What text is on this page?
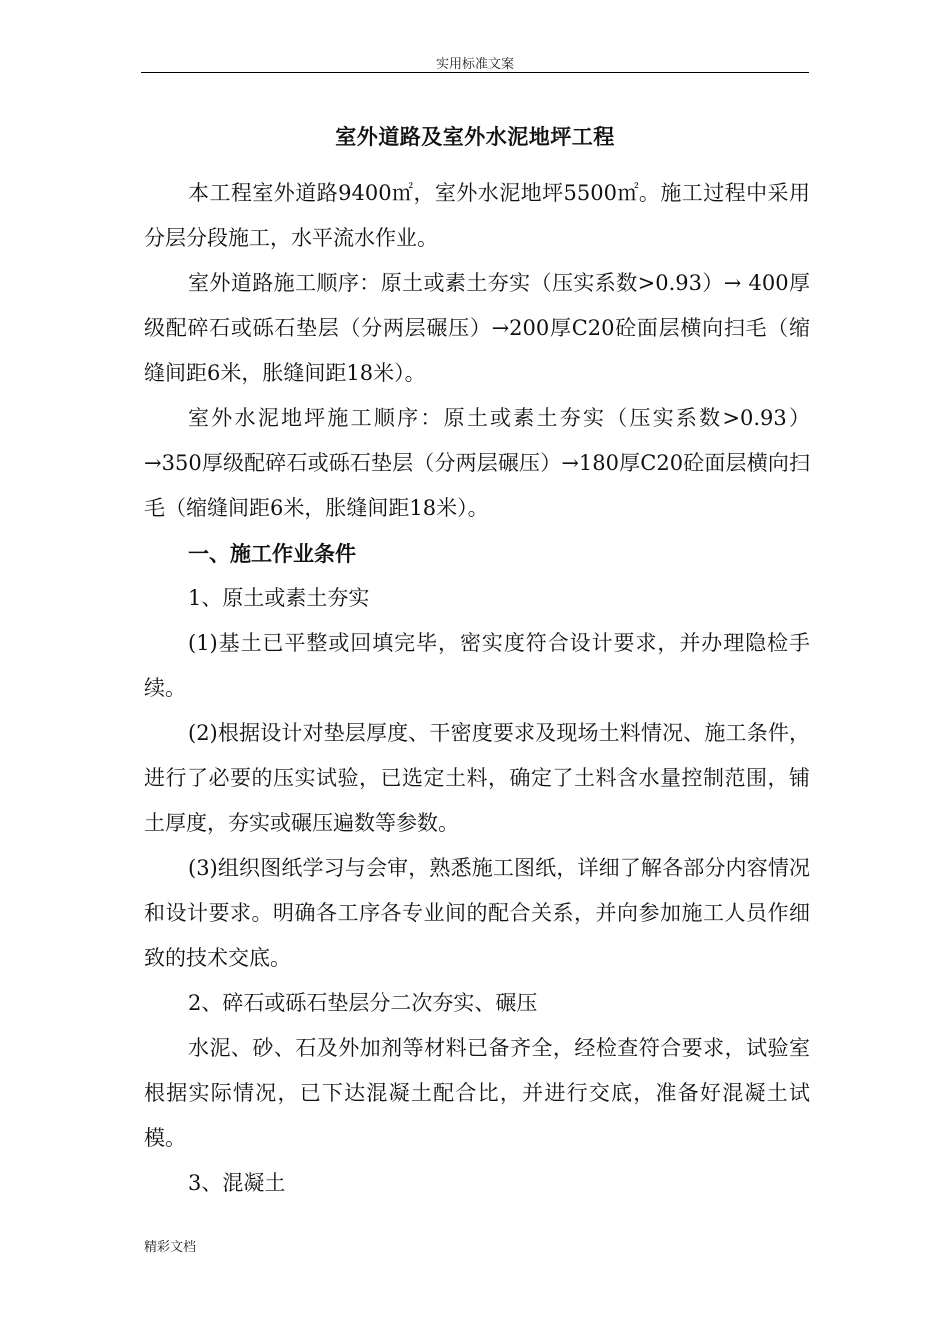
实用标准文案
室外道路及室外水泥地坪工程

本工程室外道路9400㎡，室外水泥地坪5500㎡。施工过程中采用分层分段施工，水平流水作业。

室外道路施工顺序：原土或素土夯实（压实系数>0.93）→ 400厚级配碎石或砾石垫层（分两层碾压）→200厚C20砼面层横向扫毛（缩缝间距6米，胀缝间距18米）。

室外水泥地坪施工顺序：原土或素土夯实（压实系数>0.93）→350厚级配碎石或砾石垫层（分两层碾压）→180厚C20砼面层横向扫毛（缩缝间距6米，胀缝间距18米）。

一、施工作业条件

1、原土或素土夯实

(1)基土已平整或回填完毕，密实度符合设计要求，并办理隐检手续。

(2)根据设计对垫层厚度、干密度要求及现场土料情况、施工条件，进行了必要的压实试验，已选定土料，确定了土料含水量控制范围，铺土厚度，夯实或碾压遍数等参数。

(3)组织图纸学习与会审，熟悉施工图纸，详细了解各部分内容情况和设计要求。明确各工序各专业间的配合关系，并向参加施工人员作细致的技术交底。

2、碎石或砾石垫层分二次夯实、碾压

水泥、砂、石及外加剂等材料已备齐全，经检查符合要求，试验室根据实际情况，已下达混凝土配合比，并进行交底，准备好混凝土试模。

3、混凝土

精彩文档
